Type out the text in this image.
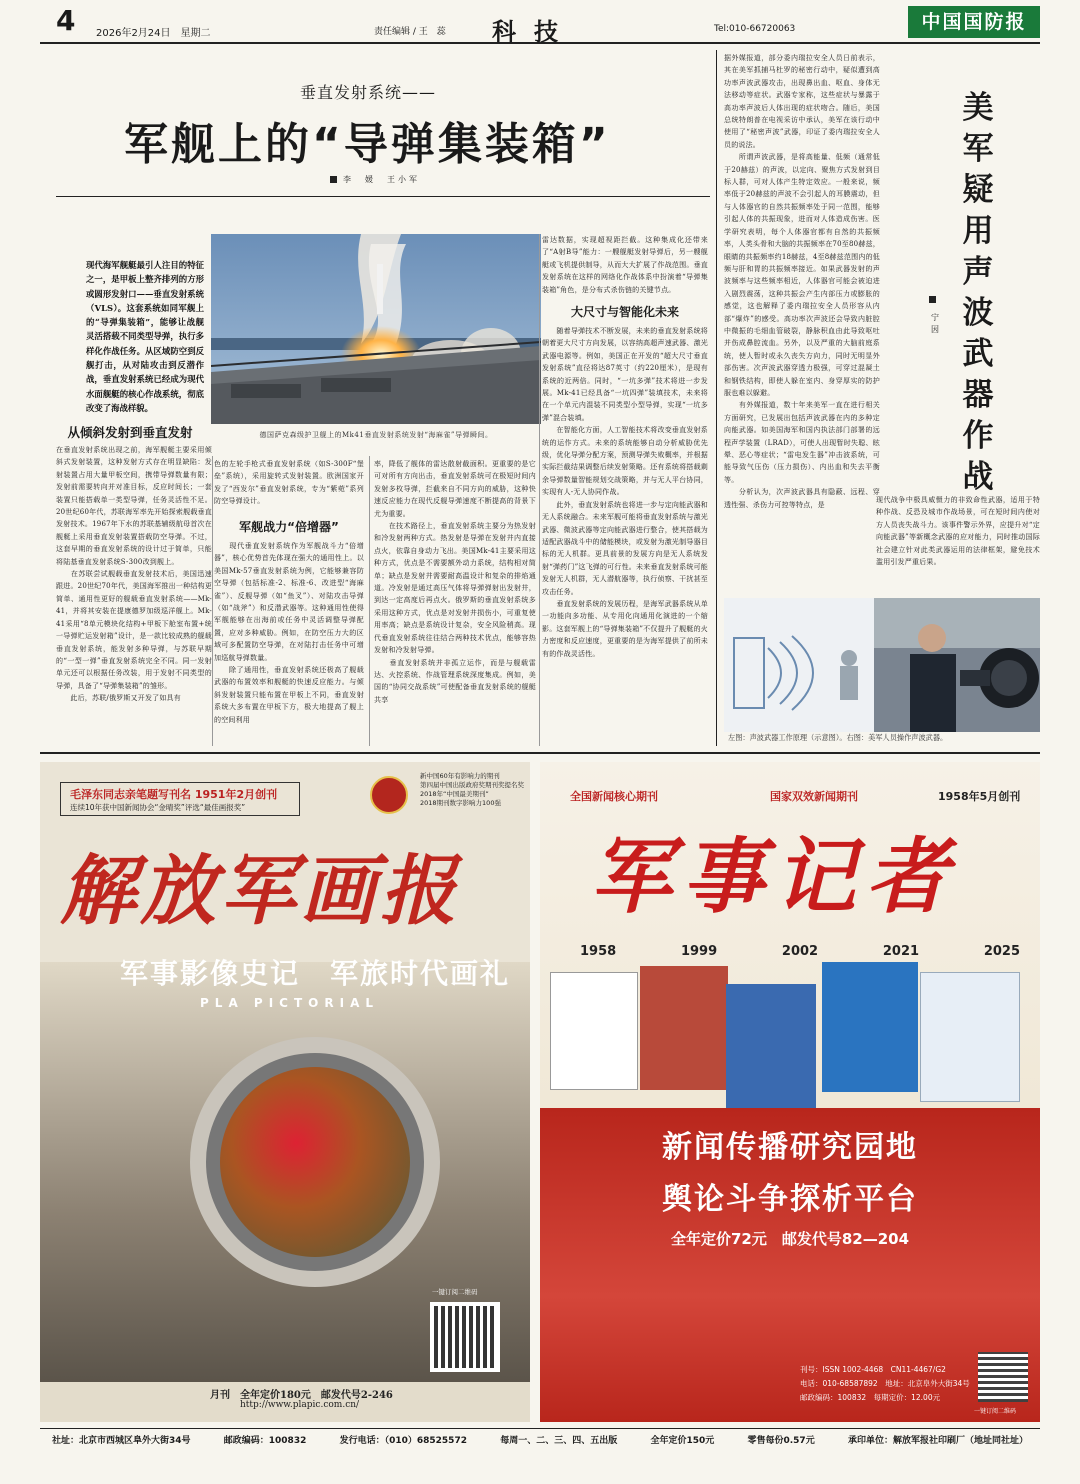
4 2026年2月24日　星期二	责任编辑 / 王　蕊 科技	Tel:010-66720063	中国国防报
垂直发射系统——
军舰上的“导弹集装箱”
李　媛　王小军
现代海军舰艇最引人注目的特征之一，是甲板上整齐排列的方形或圆形发射口——垂直发射系统（VLS）。这套系统如同军舰上的“导弹集装箱”，能够让战舰灵活搭载不同类型导弹，执行多样化作战任务。从区域防空到反舰打击，从对陆攻击到反潜作战，垂直发射系统已经成为现代水面舰艇的核心作战系统，彻底改变了海战样貌。
德国萨克森级护卫舰上的Mk41垂直发射系统发射“海麻雀”导弹瞬间。
从倾斜发射到垂直发射
在垂直发射系统出现之前，海军舰艇主要采用倾斜式发射装置，这种发射方式存在明显缺陷：发射装置占用大量甲板空间，携带导弹数量有限；发射前需要转向并对准目标，反应时间长；一套装置只能搭载单一类型导弹，任务灵活性不足。20世纪60年代，苏联海军率先开始探索舰载垂直发射技术。1967年下水的苏联基辅级航母首次在舰艇上采用垂直发射装置搭载防空导弹。不过，这套早期的垂直发射系统的设计过于简单，只能将陆基垂直发射系统S-300改到舰上。
　　在苏联尝试舰载垂直发射技术后，美国迅速跟进。20世纪70年代，美国海军推出一种结构更简单、通用性更好的舰载垂直发射系统——Mk-41，并将其安装在提康德罗加级巡洋舰上。Mk-41采用“8单元模块化结构+甲板下舱室布置+统一导弹贮运发射箱”设计，是一款比较成熟的舰载垂直发射系统，能发射多种导弹，与苏联早期的“一型一弹”垂直发射系统完全不同。同一发射单元还可以根据任务改装，用于发射不同类型的导弹，具备了“导弹集装箱”的雏形。
　　此后，苏联/俄罗斯又开发了如具有
色的左轮手枪式垂直发射系统（如S-300F“堡垒”系统），采用旋转式发射装置。欧洲国家开发了“西发尔”垂直发射系统，专为“紫菀”系列防空导弹设计。
军舰战力“倍增器”
　　现代垂直发射系统作为军舰战斗力“倍增器”，核心优势首先体现在强大的通用性上。以美国Mk-57垂直发射系统为例，它能够兼容防空导弹（包括标准-2、标准-6、改进型“海麻雀”）、反舰导弹（如“鱼叉”）、对陆攻击导弹（如“战斧”）和反潜武器等。这种通用性使得军舰能够在出海前或任务中灵活调整导弹配置，应对多种威胁。例如，在防空压力大的区域可多配置防空导弹，在对陆打击任务中可增加巡航导弹数量。
　　除了通用性，垂直发射系统还极高了舰载武器的布置效率和舰艇的快速反应能力。与倾斜发射装置只能布置在甲板上不同，垂直发射系统大多布置在甲板下方，极大地提高了舰上的空间利用
率，降低了舰体的雷达散射截面积。更重要的是它可对所有方向出击，垂直发射系统可在极短时间内发射多枚导弹，拦截来自不同方向的威胁，这种快速反应能力在现代反舰导弹速度不断提高的背景下尤为重要。
　　在技术路径上，垂直发射系统主要分为热发射和冷发射两种方式。热发射是导弹在发射井内直接点火，依靠自身动力飞出。美国Mk-41主要采用这种方式，优点是不需要额外动力系统，结构相对简单；缺点是发射井需要耐高温设计和复杂的排焰通道。冷发射是通过高压气体将导弹弹射出发射井，到达一定高度后再点火。俄罗斯的垂直发射系统多采用这种方式，优点是对发射井损伤小，可重复使用率高；缺点是系统设计复杂，安全风险稍高。现代垂直发射系统往往结合两种技术优点，能够容热发射和冷发射导弹。
　　垂直发射系统并非孤立运作，而是与舰载雷达、火控系统、作战管理系统深度集成。例如，美国的“协同交战系统”可使配备垂直发射系统的舰艇共享
雷达数据，实现超视距拦截。这种集成化还带来了“A射B导”能力：一艘舰艇发射导弹后，另一艘舰艇或飞机提供制导，从而大大扩展了作战范围。垂直发射系统在这样的网络化作战体系中扮演着“导弹集装箱”角色，是分布式杀伤链的关键节点。
大尺寸与智能化未来
　　随着导弹技术不断发展，未来的垂直发射系统将朝着更大尺寸方向发展，以容纳高超声速武器、激光武器电源等。例如，美国正在开发的“超大尺寸垂直发射系统”直径将达87英寸（约220厘米），是现有系统的近两倍。同时，“一坑多弹”技术将进一步发展。Mk-41已经具备“一坑四弹”装填技术，未来将在一个单元内混装不同类型小型导弹，实现“一坑多弹”混合装填。
　　在智能化方面，人工智能技术将改变垂直发射系统的运作方式。未来的系统能够自动分析威胁优先级，优化导弹分配方案，预测导弹失败概率，并根据实际拦截结果调整后续发射策略。还有系统将搭载剩余导弹数量智能规划交战策略，并与无人平台协同，实现有人-无人协同作战。
　　此外，垂直发射系统也将进一步与定向能武器和无人系统融合。未来军舰可能将垂直发射系统与激光武器、微波武器等定向能武器进行整合，使其搭载为适配武器战斗中的储能模块，或发射为激光制导器目标的无人机群。更具前景的发展方向是无人系统发射“弹药门”这飞弹的可行性。未来垂直发射系统可能发射无人机群，无人潜航器等，执行侦察、干扰甚至攻击任务。
　　垂直发射系统的发展历程，是海军武器系统从单一功能向多功能、从专用化向通用化演进的一个缩影。这套军舰上的“导弹集装箱”不仅提升了舰艇的火力密度和反应速度，更重要的是为海军提供了前所未有的作战灵活性。
美军疑用声波武器作战
宁因
据外媒报道，部分委内瑞拉安全人员日前表示，其在美军抓捕马杜罗的秘密行动中，疑似遭到高功率声波武器攻击，出现鼻出血、呕血、身体无法移动等症状。武器专家称，这些症状与暴露于高功率声波后人体出现的症状吻合。随后，美国总统特朗普在电视采访中承认，美军在该行动中使用了“秘密声波”武器，印证了委内瑞拉安全人员的说法。
　　所谓声波武器，是将高能量、低频（通常低于20赫兹）的声波，以定向、聚焦方式发射到目标人群，可对人体产生特定效应。一般来说，频率低于20赫兹的声波不会引起人的耳膜震动，但与人体器官的自然共振频率处于同一范围，能够引起人体的共振现象，进而对人体造成伤害。医学研究表明，每个人体器官都有自然的共振频率，人类头骨和大脑的共振频率在70至80赫兹，眼睛的共振频率约18赫兹，4至8赫兹范围内的低频与肝和胃的共振频率接近。如果武器发射的声波频率与这些频率相近，人体器官可能会被迫进入剧烈震荡，这种共振会产生内部压力或膨胀的感觉，这也解释了委内瑞拉安全人员形容从内部“爆炸”的感受。高功率次声波还会导致内脏腔中微振的毛细血管破裂，静脉积血由此导致呕吐并伤成鼻腔流血。另外，以及严重的大脑前庭系统，使人暂时或永久丧失方向力，同时无明显外部伤害。次声波武器穿透力极强，可穿过混凝土和钢铁结构，即使人躲在室内、身穿厚实的防护服也难以躲避。
　　有外媒报道，数十年来美军一直在进行相关方面研究，已发展出包括声波武器在内的多种定向能武器。如美国海军和国内执法部门部署的远程声学装置（LRAD），可使人出现暂时失聪、眩晕、恶心等症状；“雷电发生器”冲击波系统，可能导致气压伤（压力损伤）、内出血和失去平衡等。
　　分析认为，次声波武器具有隐蔽、远程、穿透性强、杀伤力可控等特点，是
现代战争中极具威慑力的非致命性武器，适用于特种作战、反恐及城市作战场景，可在短时间内使对方人员丧失战斗力。该事件警示外界，应提升对“定向能武器”等新概念武器的应对能力，同时推动国际社会建立针对此类武器运用的法律框架，避免技术滥用引发严重后果。
左图：声波武器工作原理（示意图）。右图：美军人员操作声波武器。
毛泽东同志亲笔题写刊名 1951年2月创刊
连续10年获中国新闻协会“金晴奖”评选“最佳画报奖”
新中国60年有影响力的期刊
第四届中国出版政府奖期刊奖提名奖
2018年“中国最美期刊”
2018期刊数字影响力100强
解放军画报
PLA PICTORIAL
军事影像史记　军旅时代画礼
一键订阅二维码
月刊　全年定价180元　邮发代号2-246
http://www.plapic.com.cn/
全国新闻核心期刊	国家双效新闻期刊	1958年5月创刊
军事记者
1958	1999	2002	2021	2025
新闻传播研究园地
舆论斗争探析平台
全年定价72元　邮发代号82—204
刊号：ISSN 1002-4468　CN11-4467/G2
电话：010-68587892　地址：北京阜外大街34号
邮政编码：100832　每期定价：12.00元
一键订阅二维码
社址：北京市西城区阜外大街34号	邮政编码：100832	发行电话：（010）68525572	每周一、二、三、四、五出版	全年定价150元	零售每份0.57元	承印单位：解放军报社印刷厂（地址同社址）
